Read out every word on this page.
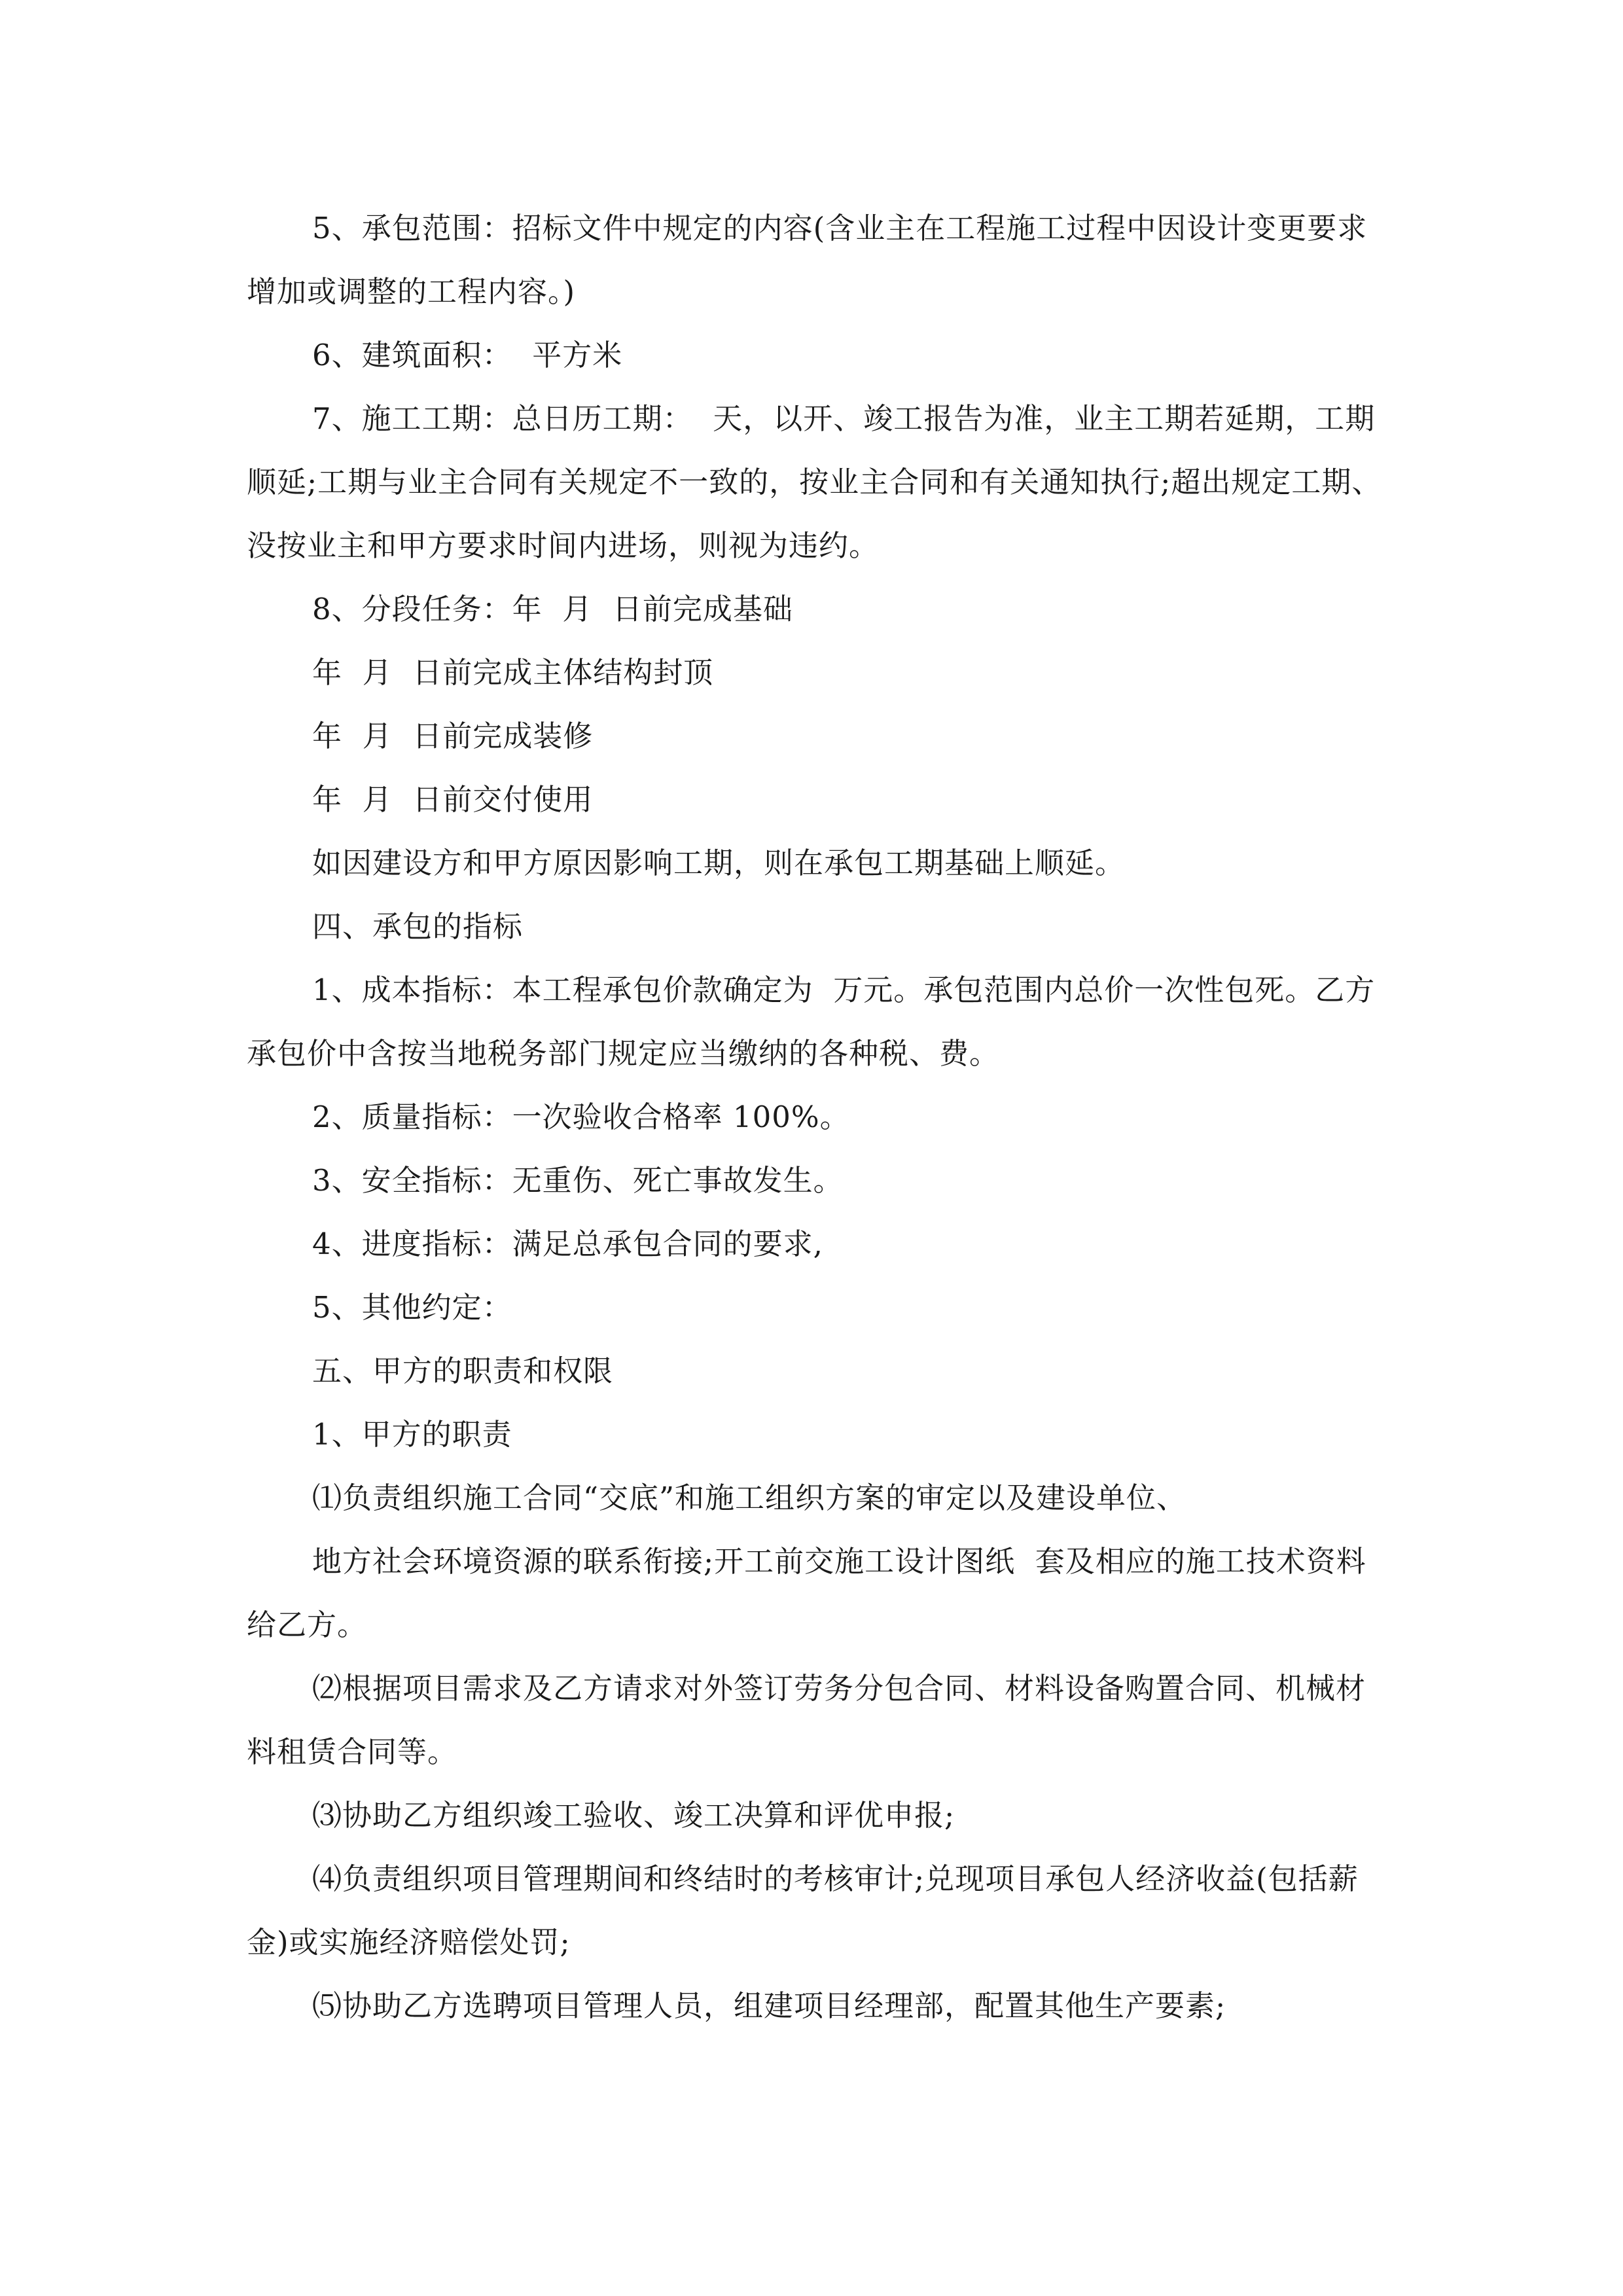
5、承包范围：招标文件中规定的内容(含业主在工程施工过程中因设计变更要求增加或调整的工程内容。)

6、建筑面积：  平方米

7、施工工期：总日历工期：  天，以开、竣工报告为准，业主工期若延期，工期顺延;工期与业主合同有关规定不一致的，按业主合同和有关通知执行;超出规定工期、没按业主和甲方要求时间内进场，则视为违约。

8、分段任务：年  月  日前完成基础

年  月  日前完成主体结构封顶

年  月  日前完成装修

年  月  日前交付使用

如因建设方和甲方原因影响工期，则在承包工期基础上顺延。

四、承包的指标

1、成本指标：本工程承包价款确定为  万元。承包范围内总价一次性包死。乙方承包价中含按当地税务部门规定应当缴纳的各种税、费。

2、质量指标：一次验收合格率 100%。

3、安全指标：无重伤、死亡事故发生。

4、进度指标：满足总承包合同的要求,

5、其他约定：

五、甲方的职责和权限

1、甲方的职责

⑴负责组织施工合同“交底”和施工组织方案的审定以及建设单位、

地方社会环境资源的联系衔接;开工前交施工设计图纸  套及相应的施工技术资料给乙方。

⑵根据项目需求及乙方请求对外签订劳务分包合同、材料设备购置合同、机械材料租赁合同等。

⑶协助乙方组织竣工验收、竣工决算和评优申报;

⑷负责组织项目管理期间和终结时的考核审计;兑现项目承包人经济收益(包括薪金)或实施经济赔偿处罚;

⑸协助乙方选聘项目管理人员，组建项目经理部，配置其他生产要素;
